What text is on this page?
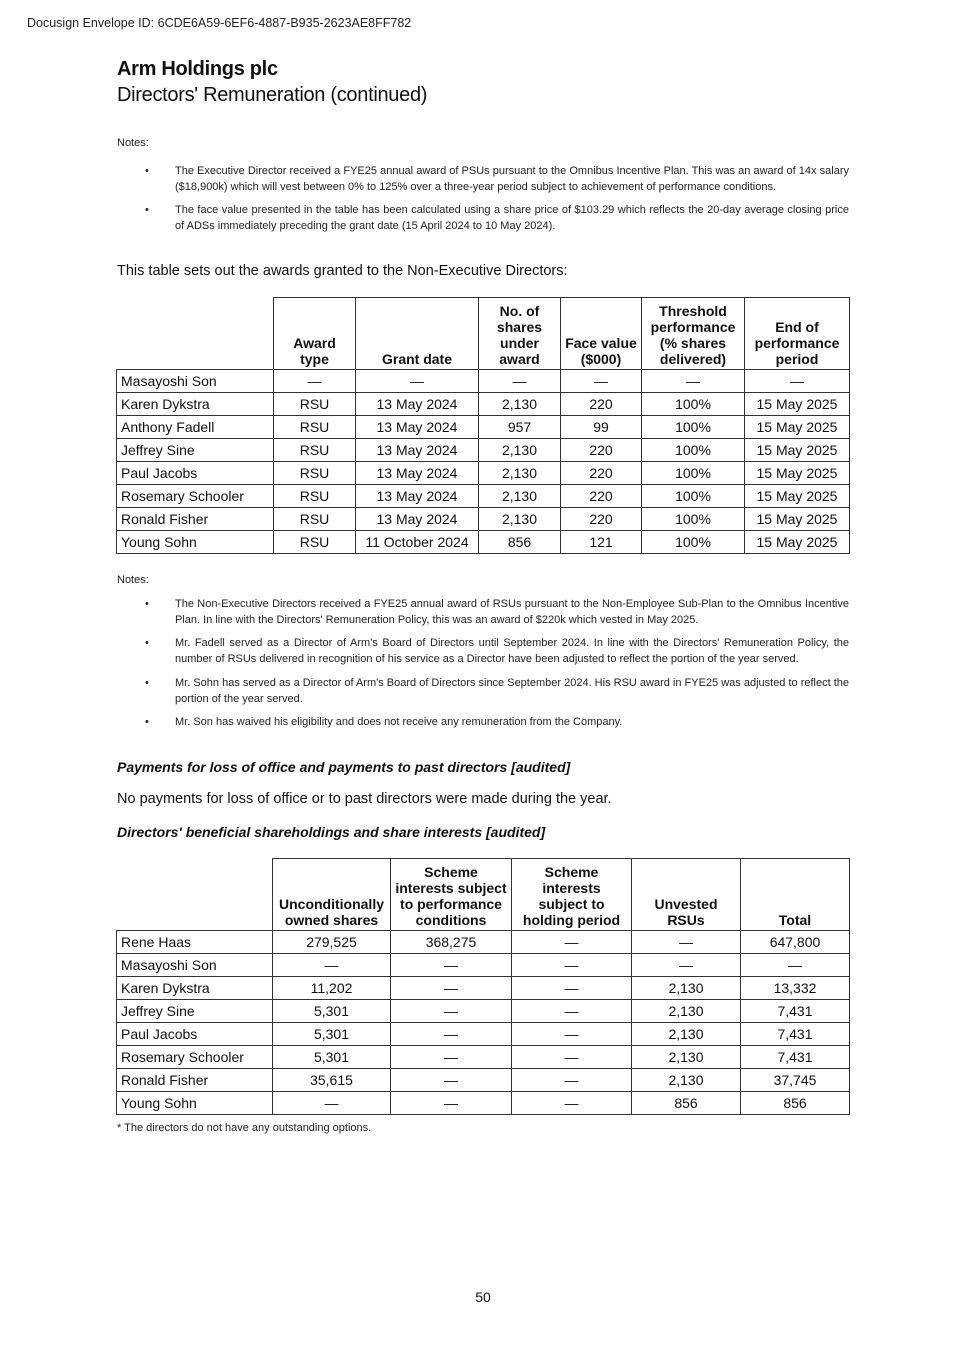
Docusign Envelope ID: 6CDE6A59-6EF6-4887-B935-2623AE8FF782
Arm Holdings plc
Directors' Remuneration (continued)
Notes:
• The Executive Director received a FYE25 annual award of PSUs pursuant to the Omnibus Incentive Plan. This was an award of 14x salary ($18,900k) which will vest between 0% to 125% over a three-year period subject to achievement of performance conditions.
• The face value presented in the table has been calculated using a share price of $103.29 which reflects the 20-day average closing price of ADSs immediately preceding the grant date (15 April 2024 to 10 May 2024).
This table sets out the awards granted to the Non-Executive Directors:
	Award type	Grant date	No. of shares under award	Face value ($000)	Threshold performance (% shares delivered)	End of performance period
Masayoshi Son	—	—	—	—	—	—
Karen Dykstra	RSU	13 May 2024	2,130	220	100%	15 May 2025
Anthony Fadell	RSU	13 May 2024	957	99	100%	15 May 2025
Jeffrey Sine	RSU	13 May 2024	2,130	220	100%	15 May 2025
Paul Jacobs	RSU	13 May 2024	2,130	220	100%	15 May 2025
Rosemary Schooler	RSU	13 May 2024	2,130	220	100%	15 May 2025
Ronald Fisher	RSU	13 May 2024	2,130	220	100%	15 May 2025
Young Sohn	RSU	11 October 2024	856	121	100%	15 May 2025
Notes:
• The Non-Executive Directors received a FYE25 annual award of RSUs pursuant to the Non-Employee Sub-Plan to the Omnibus Incentive Plan. In line with the Directors' Remuneration Policy, this was an award of $220k which vested in May 2025.
• Mr. Fadell served as a Director of Arm's Board of Directors until September 2024. In line with the Directors' Remuneration Policy, the number of RSUs delivered in recognition of his service as a Director have been adjusted to reflect the portion of the year served.
• Mr. Sohn has served as a Director of Arm's Board of Directors since September 2024. His RSU award in FYE25 was adjusted to reflect the portion of the year served.
• Mr. Son has waived his eligibility and does not receive any remuneration from the Company.
Payments for loss of office and payments to past directors [audited]
No payments for loss of office or to past directors were made during the year.
Directors' beneficial shareholdings and share interests [audited]
	Unconditionally owned shares	Scheme interests subject to performance conditions	Scheme interests subject to holding period	Unvested RSUs	Total
Rene Haas	279,525	368,275	—	—	647,800
Masayoshi Son	—	—	—	—	—
Karen Dykstra	11,202	—	—	2,130	13,332
Jeffrey Sine	5,301	—	—	2,130	7,431
Paul Jacobs	5,301	—	—	2,130	7,431
Rosemary Schooler	5,301	—	—	2,130	7,431
Ronald Fisher	35,615	—	—	2,130	37,745
Young Sohn	—	—	—	856	856
* The directors do not have any outstanding options.
50
